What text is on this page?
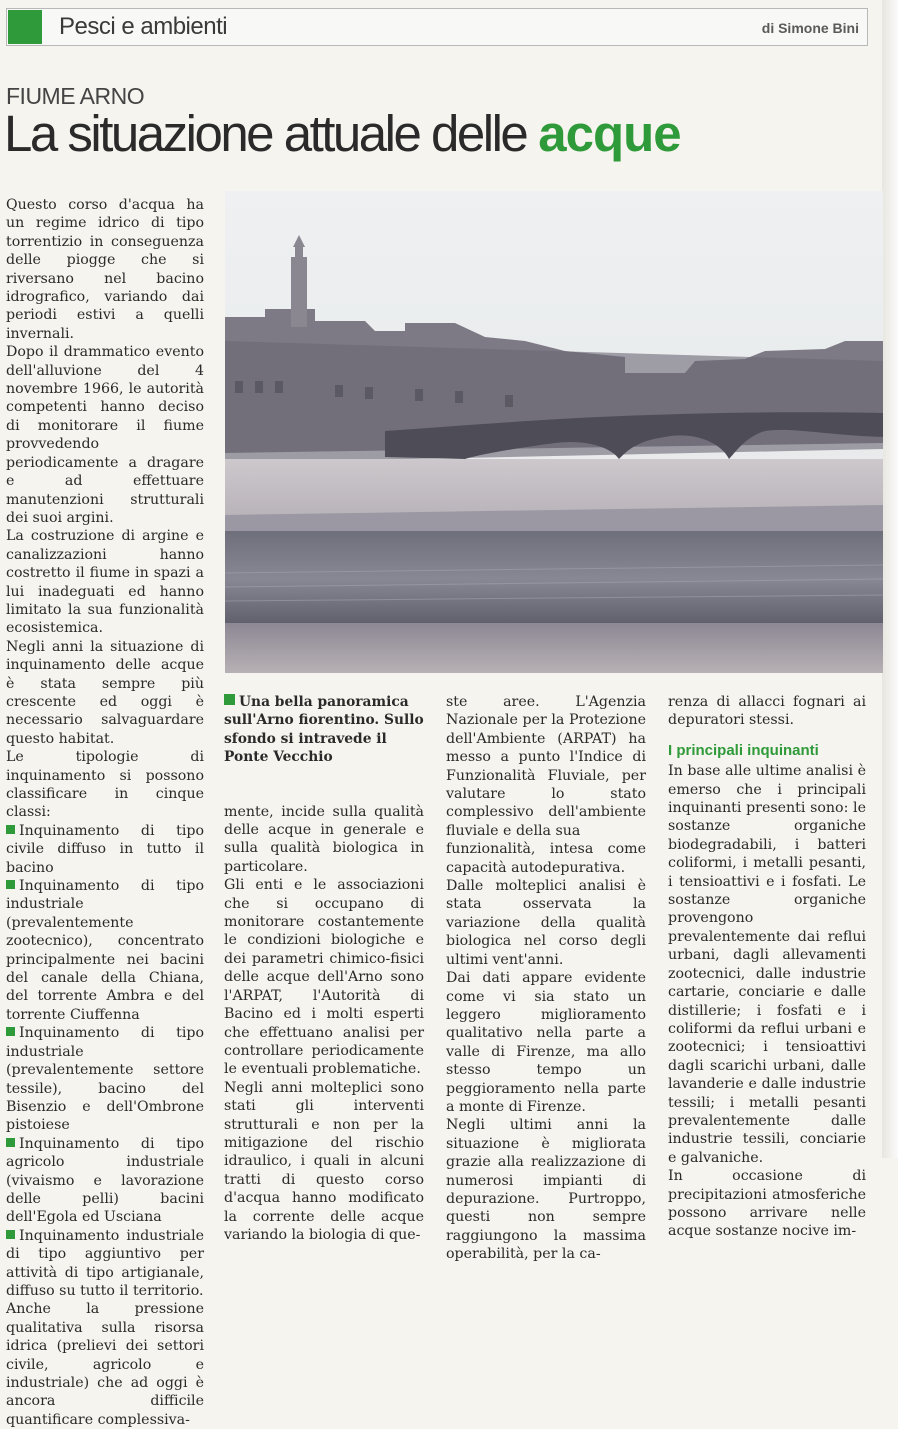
Pesci e ambienti	di Simone Bini
FIUME ARNO
La situazione attuale delle acque

Questo corso d'acqua ha un regime idrico di tipo torrentizio in conseguenza delle piogge che si riversano nel bacino idrografico, variando dai periodi estivi a quelli invernali.

Dopo il drammatico evento dell'alluvione del 4 novembre 1966, le autorità competenti hanno deciso di monitorare il fiume provvedendo periodicamente a dragare e ad effettuare manutenzioni strutturali dei suoi argini.

La costruzione di argine e canalizzazioni hanno costretto il fiume in spazi a lui inadeguati ed hanno limitato la sua funzionalità ecosistemica.

Negli anni la situazione di inquinamento delle acque è stata sempre più crescente ed oggi è necessario salvaguardare questo habitat.

Le tipologie di inquinamento si possono classificare in cinque classi:

Inquinamento di tipo civile diffuso in tutto il bacino

Inquinamento di tipo industriale (prevalentemente zootecnico), concentrato principalmente nei bacini del canale della Chiana, del torrente Ambra e del torrente Ciuffenna

Inquinamento di tipo industriale (prevalentemente settore tessile), bacino del Bisenzio e dell'Ombrone pistoiese

Inquinamento di tipo agricolo industriale (vivaismo e lavorazione delle pelli) bacini dell'Egola ed Usciana

Inquinamento industriale di tipo aggiuntivo per attività di tipo artigianale, diffuso su tutto il territorio.

Anche la pressione qualitativa sulla risorsa idrica (prelievi dei settori civile, agricolo e industriale) che ad oggi è ancora difficile quantificare complessiva-

Una bella panoramica sull'Arno fiorentino. Sullo sfondo si intravede il Ponte Vecchio

mente, incide sulla qualità delle acque in generale e sulla qualità biologica in particolare.

Gli enti e le associazioni che si occupano di monitorare costantemente le condizioni biologiche e dei parametri chimico-fisici delle acque dell'Arno sono l'ARPAT, l'Autorità di Bacino ed i molti esperti che effettuano analisi per controllare periodicamente le eventuali problematiche.

Negli anni molteplici sono stati gli interventi strutturali e non per la mitigazione del rischio idraulico, i quali in alcuni tratti di questo corso d'acqua hanno modificato la corrente delle acque variando la biologia di que-

ste aree. L'Agenzia Nazionale per la Protezione dell'Ambiente (ARPAT) ha messo a punto l'Indice di Funzionalità Fluviale, per valutare lo stato complessivo dell'ambiente fluviale e della sua

funzionalità, intesa come capacità autodepurativa.

Dalle molteplici analisi è stata osservata la variazione della qualità biologica nel corso degli ultimi vent'anni.

Dai dati appare evidente come vi sia stato un leggero miglioramento qualitativo nella parte a valle di Firenze, ma allo stesso tempo un peggioramento nella parte a monte di Firenze.

Negli ultimi anni la situazione è migliorata grazie alla realizzazione di numerosi impianti di depurazione. Purtroppo, questi non sempre raggiungono la massima operabilità, per la ca-

renza di allacci fognari ai depuratori stessi.

I principali inquinanti

In base alle ultime analisi è emerso che i principali inquinanti presenti sono: le sostanze organiche biodegradabili, i batteri coliformi, i metalli pesanti, i tensioattivi e i fosfati. Le sostanze organiche provengono prevalentemente dai reflui urbani, dagli allevamenti zootecnici, dalle industrie cartarie, conciarie e dalle distillerie; i fosfati e i coliformi da reflui urbani e zootecnici; i tensioattivi dagli scarichi urbani, dalle lavanderie e dalle industrie tessili; i metalli pesanti prevalentemente dalle industrie tessili, conciarie e galvaniche.

In occasione di precipitazioni atmosferiche possono arrivare nelle acque sostanze nocive im-
